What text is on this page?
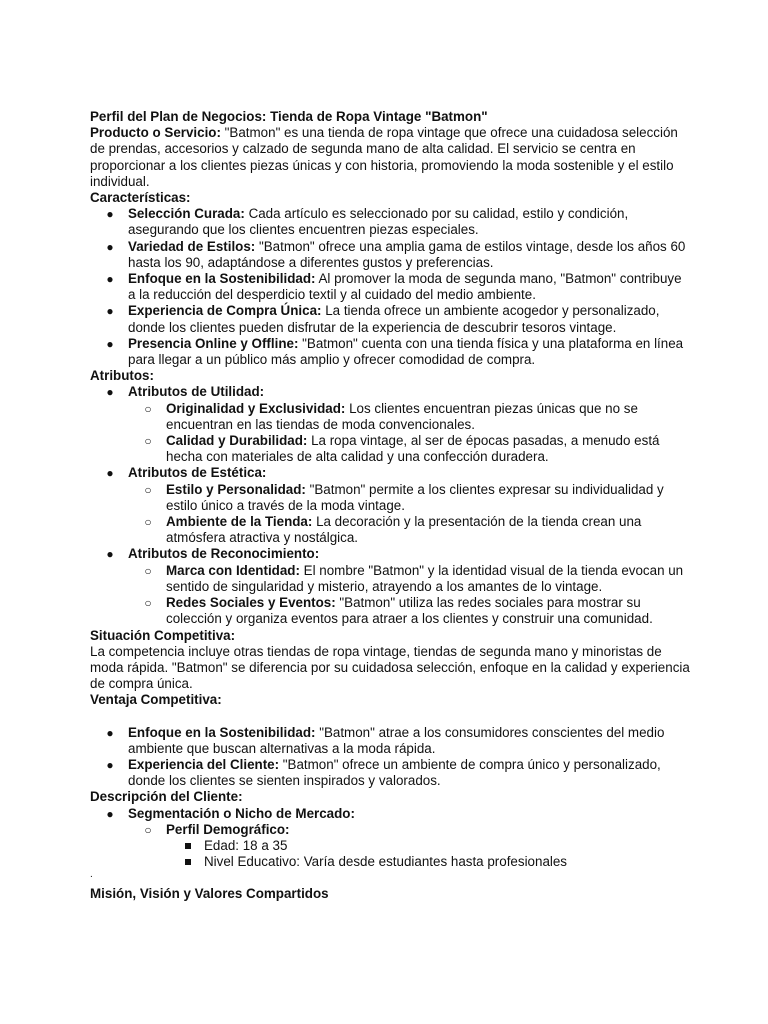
Perfil del Plan de Negocios: Tienda de Ropa Vintage "Batmon"

Producto o Servicio: "Batmon" es una tienda de ropa vintage que ofrece una cuidadosa selección de prendas, accesorios y calzado de segunda mano de alta calidad. El servicio se centra en proporcionar a los clientes piezas únicas y con historia, promoviendo la moda sostenible y el estilo individual.

Características:

● Selección Curada: Cada artículo es seleccionado por su calidad, estilo y condición, asegurando que los clientes encuentren piezas especiales.
● Variedad de Estilos: "Batmon" ofrece una amplia gama de estilos vintage, desde los años 60 hasta los 90, adaptándose a diferentes gustos y preferencias.
● Enfoque en la Sostenibilidad: Al promover la moda de segunda mano, "Batmon" contribuye a la reducción del desperdicio textil y al cuidado del medio ambiente.
● Experiencia de Compra Única: La tienda ofrece un ambiente acogedor y personalizado, donde los clientes pueden disfrutar de la experiencia de descubrir tesoros vintage.
● Presencia Online y Offline: "Batmon" cuenta con una tienda física y una plataforma en línea para llegar a un público más amplio y ofrecer comodidad de compra.

Atributos:

● Atributos de Utilidad:
○ Originalidad y Exclusividad: Los clientes encuentran piezas únicas que no se encuentran en las tiendas de moda convencionales.
○ Calidad y Durabilidad: La ropa vintage, al ser de épocas pasadas, a menudo está hecha con materiales de alta calidad y una confección duradera.
● Atributos de Estética:
○ Estilo y Personalidad: "Batmon" permite a los clientes expresar su individualidad y estilo único a través de la moda vintage.
○ Ambiente de la Tienda: La decoración y la presentación de la tienda crean una atmósfera atractiva y nostálgica.
● Atributos de Reconocimiento:
○ Marca con Identidad: El nombre "Batmon" y la identidad visual de la tienda evocan un sentido de singularidad y misterio, atrayendo a los amantes de lo vintage.
○ Redes Sociales y Eventos: "Batmon" utiliza las redes sociales para mostrar su colección y organiza eventos para atraer a los clientes y construir una comunidad.

Situación Competitiva:

La competencia incluye otras tiendas de ropa vintage, tiendas de segunda mano y minoristas de moda rápida. "Batmon" se diferencia por su cuidadosa selección, enfoque en la calidad y experiencia de compra única.

Ventaja Competitiva:

● Enfoque en la Sostenibilidad: "Batmon" atrae a los consumidores conscientes del medio ambiente que buscan alternativas a la moda rápida.
● Experiencia del Cliente: "Batmon" ofrece un ambiente de compra único y personalizado, donde los clientes se sienten inspirados y valorados.

Descripción del Cliente:

● Segmentación o Nicho de Mercado:
○ Perfil Demográfico:
Edad: 18 a 35
Nivel Educativo: Varía desde estudiantes hasta profesionales
.

Misión, Visión y Valores Compartidos
